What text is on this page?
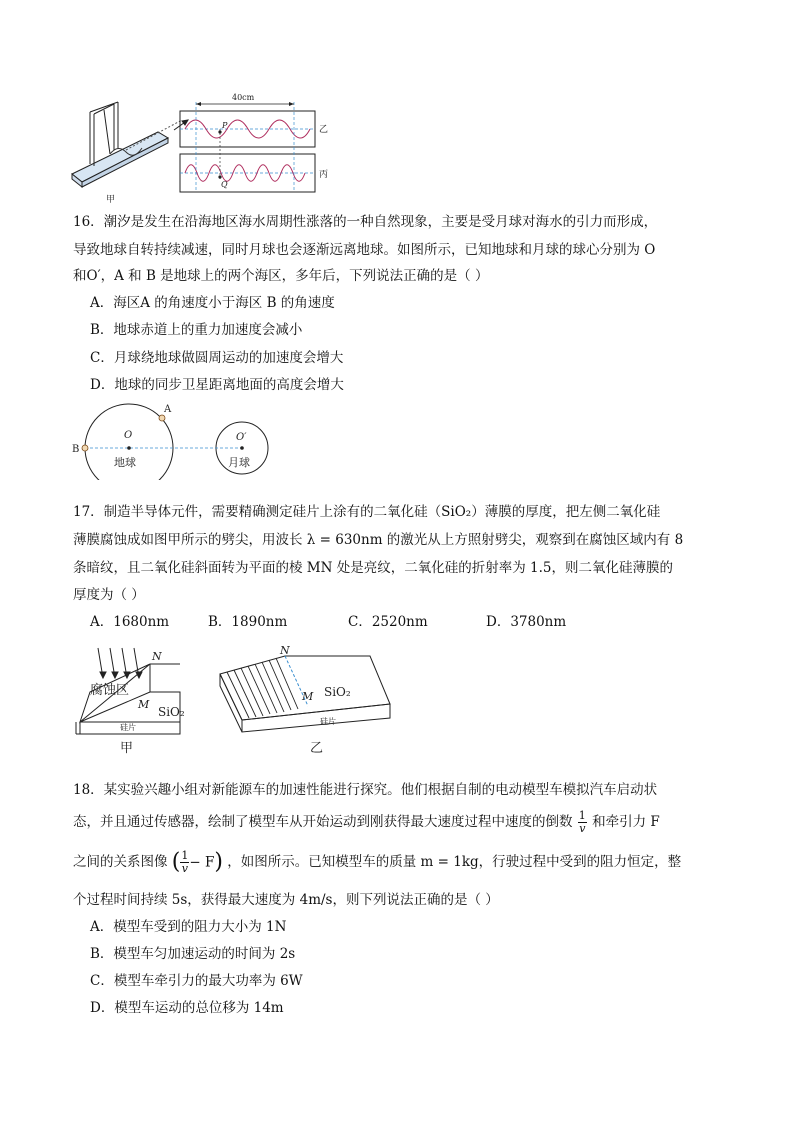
甲
40cm
P
Q
乙
丙
16．潮汐是发生在沿海地区海水周期性涨落的一种自然现象，主要是受月球对海水的引力而形成，
导致地球自转持续减速，同时月球也会逐渐远离地球。如图所示，已知地球和月球的球心分别为 O
和O′，A 和 B 是地球上的两个海区，多年后，下列说法正确的是（ ）
A．海区A 的角速度小于海区 B 的角速度
B．地球赤道上的重力加速度会减小
C．月球绕地球做圆周运动的加速度会增大
D．地球的同步卫星距离地面的高度会增大
A
B
O	O′
地球	月球
17．制造半导体元件，需要精确测定硅片上涂有的二氧化硅（SiO₂）薄膜的厚度，把左侧二氧化硅
薄膜腐蚀成如图甲所示的劈尖，用波长 λ = 630nm 的激光从上方照射劈尖，观察到在腐蚀区域内有 8
条暗纹，且二氧化硅斜面转为平面的棱 MN 处是亮纹，二氧化硅的折射率为 1.5，则二氧化硅薄膜的
厚度为（ ）
A．1680nm	B．1890nm	C．2520nm	D．3780nm
N
腐蚀区
M
SiO₂
硅片
甲
N
M SiO₂
硅片
乙
18．某实验兴趣小组对新能源车的加速性能进行探究。他们根据自制的电动模型车模拟汽车启动状
态，并且通过传感器，绘制了模型车从开始运动到刚获得最大速度过程中速度的倒数 $\frac{1}{v}$ 和牵引力 F
之间的关系图像 ( $\frac{1}{v} - F$) ，如图所示。已知模型车的质量 m = 1kg，行驶过程中受到的阻力恒定，整
个过程时间持续 5s，获得最大速度为 4m/s，则下列说法正确的是（ ）
A．模型车受到的阻力大小为 1N
B．模型车匀加速运动的时间为 2s
C．模型车牵引力的最大功率为 6W
D．模型车运动的总位移为 14m
